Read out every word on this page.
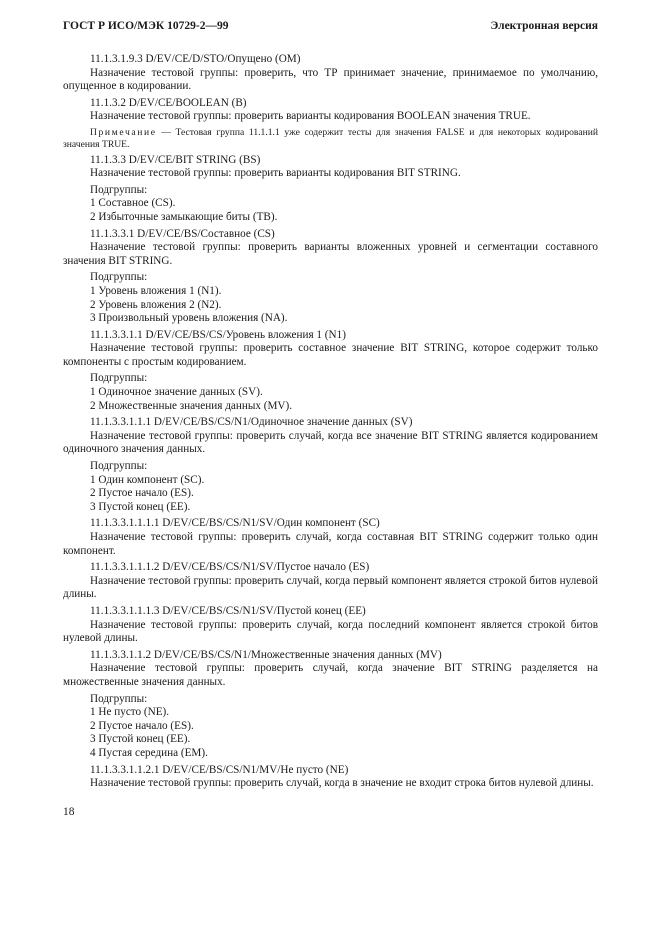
ГОСТ Р ИСО/МЭК 10729-2—99	Электронная версия

11.1.3.1.9.3 D/EV/CE/D/STO/Опущено (OM)

Назначение тестовой группы: проверить, что ТР принимает значение, принимаемое по умолчанию, опущенное в кодировании.

11.1.3.2 D/EV/CE/BOOLEAN (B)

Назначение тестовой группы: проверить варианты кодирования BOOLEAN значения TRUE.

Примечание — Тестовая группа 11.1.1.1 уже содержит тесты для значения FALSE и для некоторых кодирований значения TRUE.

11.1.3.3 D/EV/CE/BIT STRING (BS)

Назначение тестовой группы: проверить варианты кодирования BIT STRING.

Подгруппы:

1 Составное (CS).

2 Избыточные замыкающие биты (TB).

11.1.3.3.1 D/EV/CE/BS/Составное (CS)

Назначение тестовой группы: проверить варианты вложенных уровней и сегментации составного значения BIT STRING.

Подгруппы:

1 Уровень вложения 1 (N1).

2 Уровень вложения 2 (N2).

3 Произвольный уровень вложения (NA).

11.1.3.3.1.1 D/EV/CE/BS/CS/Уровень вложения 1 (N1)

Назначение тестовой группы: проверить составное значение BIT STRING, которое содержит только компоненты с простым кодированием.

Подгруппы:

1 Одиночное значение данных (SV).

2 Множественные значения данных (MV).

11.1.3.3.1.1.1 D/EV/CE/BS/CS/N1/Одиночное значение данных (SV)

Назначение тестовой группы: проверить случай, когда все значение BIT STRING является кодированием одиночного значения данных.

Подгруппы:

1 Один компонент (SC).

2 Пустое начало (ES).

3 Пустой конец (EE).

11.1.3.3.1.1.1.1 D/EV/CE/BS/CS/N1/SV/Один компонент (SC)

Назначение тестовой группы: проверить случай, когда составная BIT STRING содержит только один компонент.

11.1.3.3.1.1.1.2 D/EV/CE/BS/CS/N1/SV/Пустое начало (ES)

Назначение тестовой группы: проверить случай, когда первый компонент является строкой битов нулевой длины.

11.1.3.3.1.1.1.3 D/EV/CE/BS/CS/N1/SV/Пустой конец (EE)

Назначение тестовой группы: проверить случай, когда последний компонент является строкой битов нулевой длины.

11.1.3.3.1.1.2 D/EV/CE/BS/CS/N1/Множественные значения данных (MV)

Назначение тестовой группы: проверить случай, когда значение BIT STRING разделяется на множественные значения данных.

Подгруппы:

1 Не пусто (NE).

2 Пустое начало (ES).

3 Пустой конец (EE).

4 Пустая середина (EM).

11.1.3.3.1.1.2.1 D/EV/CE/BS/CS/N1/MV/Не пусто (NE)

Назначение тестовой группы: проверить случай, когда в значение не входит строка битов нулевой длины.

18
